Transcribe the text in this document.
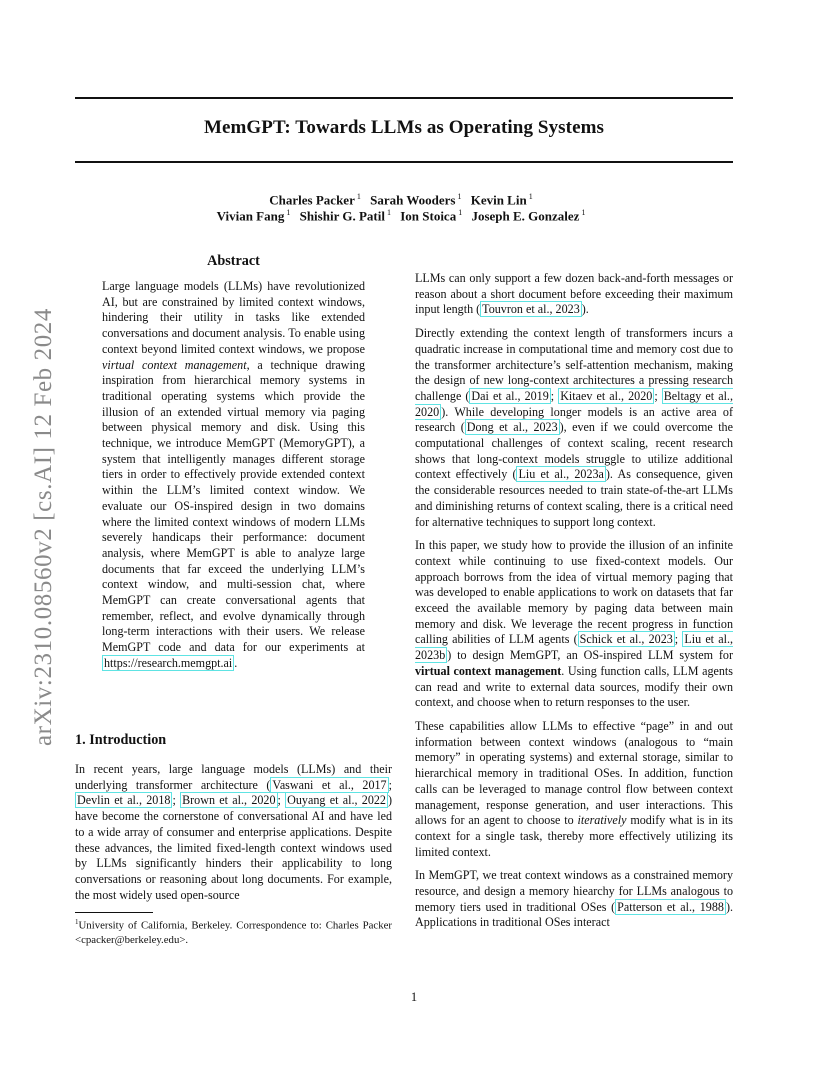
arXiv:2310.08560v2 [cs.AI] 12 Feb 2024
MemGPT: Towards LLMs as Operating Systems
Charles Packer $^1$ Sarah Wooders $^1$ Kevin Lin $^1$
Vivian Fang $^1$ Shishir G. Patil $^1$ Ion Stoica $^1$ Joseph E. Gonzalez $^1$
Abstract
Large language models (LLMs) have revolutionized AI, but are constrained by limited context windows, hindering their utility in tasks like extended conversations and document analysis. To enable using context beyond limited context windows, we propose virtual context management, a technique drawing inspiration from hierarchical memory systems in traditional operating systems which provide the illusion of an extended virtual memory via paging between physical memory and disk. Using this technique, we introduce MemGPT (MemoryGPT), a system that intelligently manages different storage tiers in order to effectively provide extended context within the LLM’s limited context window. We evaluate our OS-inspired design in two domains where the limited context windows of modern LLMs severely handicaps their performance: document analysis, where MemGPT is able to analyze large documents that far exceed the underlying LLM’s context window, and multi-session chat, where MemGPT can create conversational agents that remember, reflect, and evolve dynamically through long-term interactions with their users. We release MemGPT code and data for our experiments at https://research.memgpt.ai .
1. Introduction

In recent years, large language models (LLMs) and their underlying transformer architecture ( Vaswani et al., 2017 ; Devlin et al., 2018 ; Brown et al., 2020 ; Ouyang et al., 2022 ) have become the cornerstone of conversational AI and have led to a wide array of consumer and enterprise applications. Despite these advances, the limited fixed-length context windows used by LLMs significantly hinders their applicability to long conversations or reasoning about long documents. For example, the most widely used open-source

$^1$University of California, Berkeley. Correspondence to: Charles Packer <cpacker@berkeley.edu>.

LLMs can only support a few dozen back-and-forth messages or reason about a short document before exceeding their maximum input length ( Touvron et al., 2023 ).

Directly extending the context length of transformers incurs a quadratic increase in computational time and memory cost due to the transformer architecture’s self-attention mechanism, making the design of new long-context architectures a pressing research challenge ( Dai et al., 2019 ; Kitaev et al., 2020 ; Beltagy et al., 2020 ). While developing longer models is an active area of research ( Dong et al., 2023 ), even if we could overcome the computational challenges of context scaling, recent research shows that long-context models struggle to utilize additional context effectively ( Liu et al., 2023a ). As consequence, given the considerable resources needed to train state-of-the-art LLMs and diminishing returns of context scaling, there is a critical need for alternative techniques to support long context.

In this paper, we study how to provide the illusion of an infinite context while continuing to use fixed-context models. Our approach borrows from the idea of virtual memory paging that was developed to enable applications to work on datasets that far exceed the available memory by paging data between main memory and disk. We leverage the recent progress in function calling abilities of LLM agents ( Schick et al., 2023 ; Liu et al., 2023b ) to design MemGPT, an OS-inspired LLM system for virtual context management. Using function calls, LLM agents can read and write to external data sources, modify their own context, and choose when to return responses to the user.

These capabilities allow LLMs to effective “page” in and out information between context windows (analogous to “main memory” in operating systems) and external storage, similar to hierarchical memory in traditional OSes. In addition, function calls can be leveraged to manage control flow between context management, response generation, and user interactions. This allows for an agent to choose to iteratively modify what is in its context for a single task, thereby more effectively utilizing its limited context.

In MemGPT, we treat context windows as a constrained memory resource, and design a memory hiearchy for LLMs analogous to memory tiers used in traditional OSes ( Patterson et al., 1988 ). Applications in traditional OSes interact

1
